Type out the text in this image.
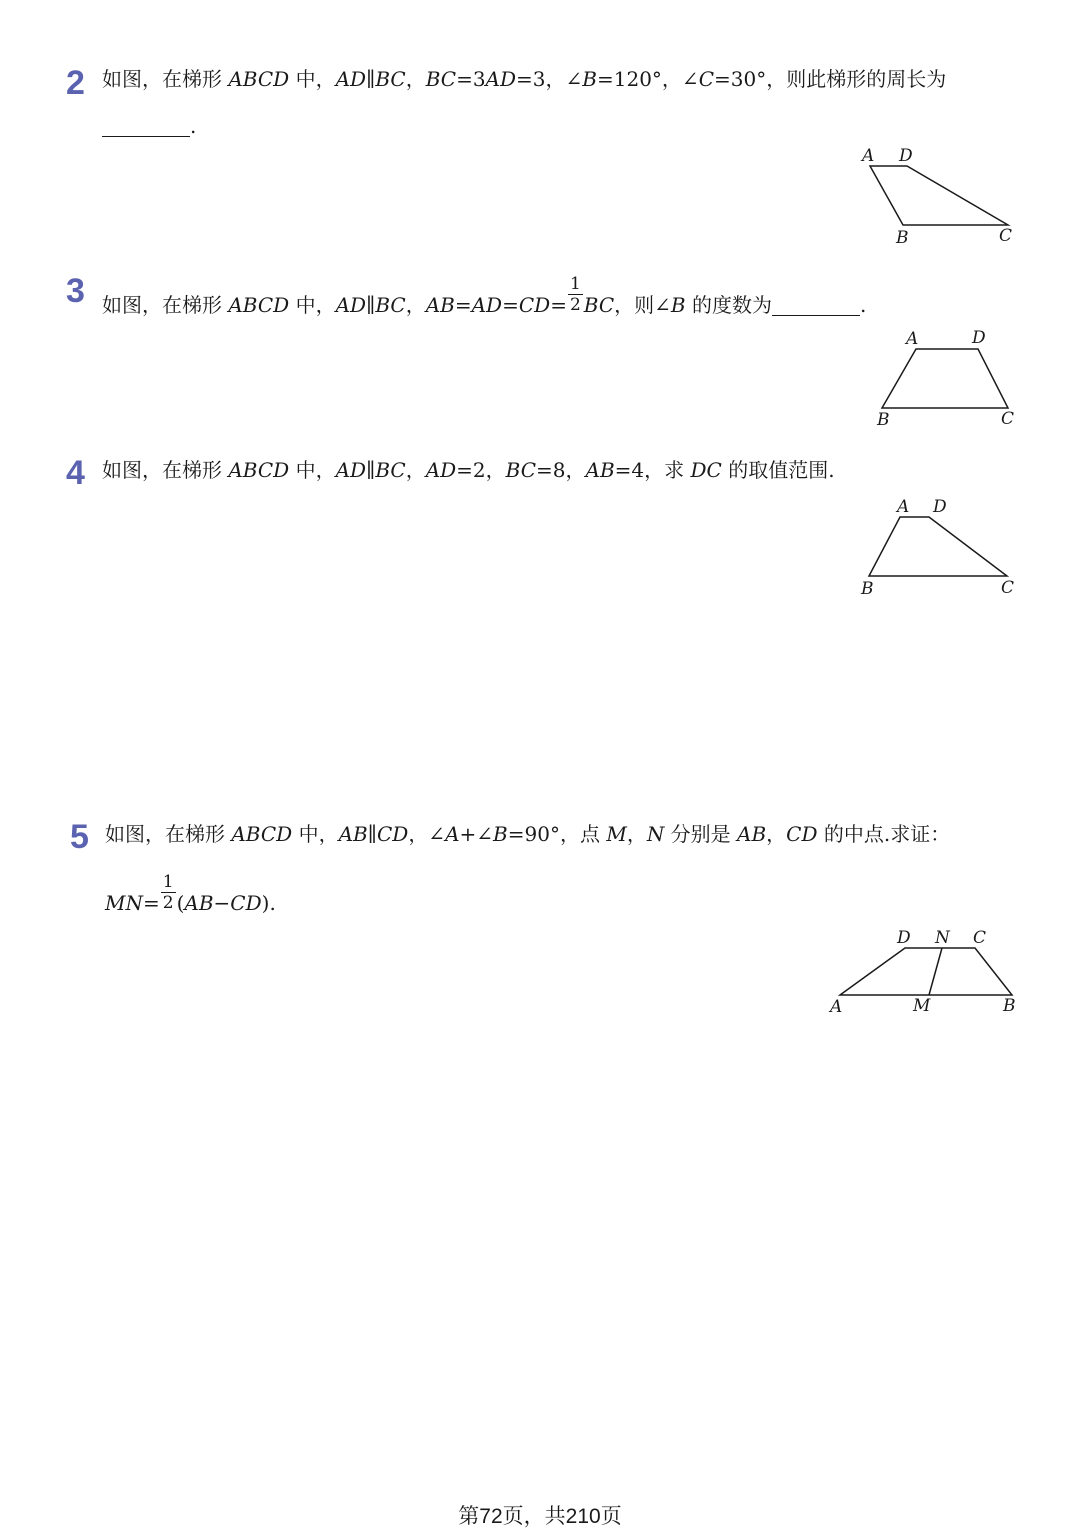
2 如图，在梯形 ABCD 中，AD∥BC，BC=3AD=3，∠B=120°，∠C=30°，则此梯形的周长为
.
A D
B	C
3 如图，在梯形 ABCD 中，AD∥BC，$AB=AD=CD= \frac{1}{2}$ BC，则∠B 的度数为	.
A	D
B	C
4 如图，在梯形 ABCD 中，AD∥BC，AD=2，BC=8，AB=4，求 DC 的取值范围.
A D
B	C
5 如图，在梯形 ABCD 中，AB∥CD，∠A+∠B=90°，点 M，N 分别是 AB，CD 的中点.求证：
$MN= \frac{1}{2} (AB-CD)$.
D N C
A	M	B
第72页，共210页
